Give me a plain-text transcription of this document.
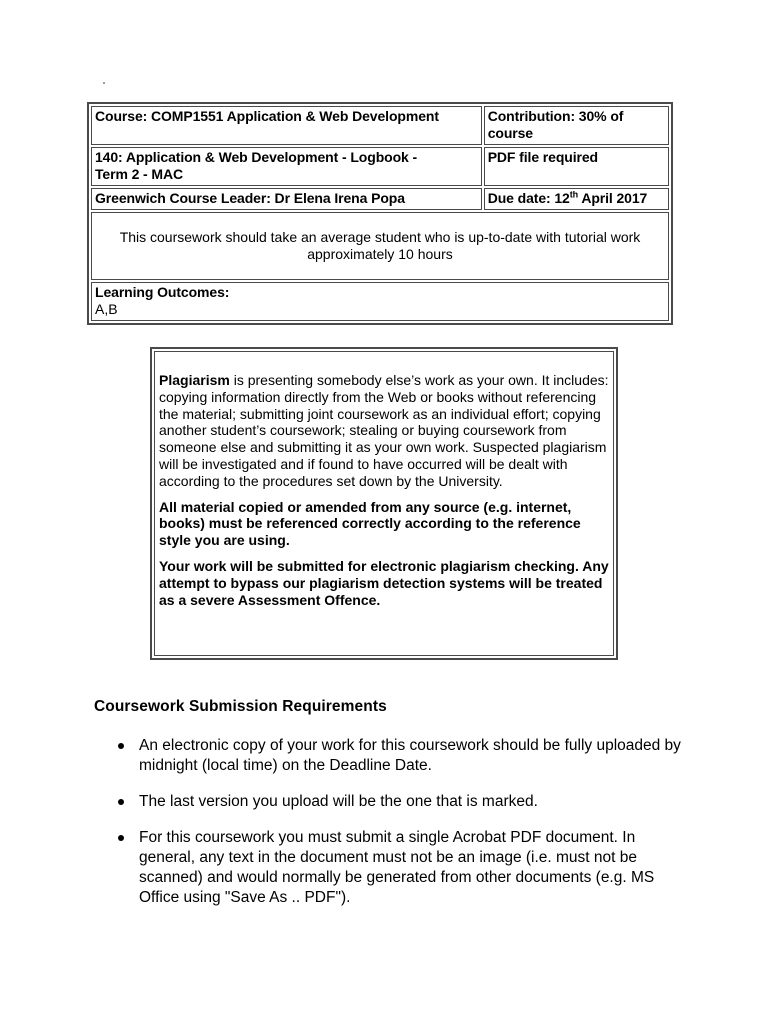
Course: COMP1551 Application & Web Development	Contribution: 30% of course
140: Application & Web Development - Logbook -
Term 2 - MAC	PDF file required
Greenwich Course Leader: Dr Elena Irena Popa	Due date: 12th April 2017
This coursework should take an average student who is up-to-date with tutorial work
approximately 10 hours	
Learning Outcomes:
A,B	

Plagiarism is presenting somebody else’s work as your own. It includes: copying information directly from the Web or books without referencing the material; submitting joint coursework as an individual effort; copying another student’s coursework; stealing or buying coursework from someone else and submitting it as your own work. Suspected plagiarism will be investigated and if found to have occurred will be dealt with according to the procedures set down by the University.

All material copied or amended from any source (e.g. internet, books) must be referenced correctly according to the reference style you are using.

Your work will be submitted for electronic plagiarism checking. Any attempt to bypass our plagiarism detection systems will be treated as a severe Assessment Offence.

Coursework Submission Requirements
An electronic copy of your work for this coursework should be fully uploaded by midnight (local time) on the Deadline Date.
The last version you upload will be the one that is marked.
For this coursework you must submit a single Acrobat PDF document. In general, any text in the document must not be an image (i.e. must not be scanned) and would normally be generated from other documents (e.g. MS Office using "Save As .. PDF").
